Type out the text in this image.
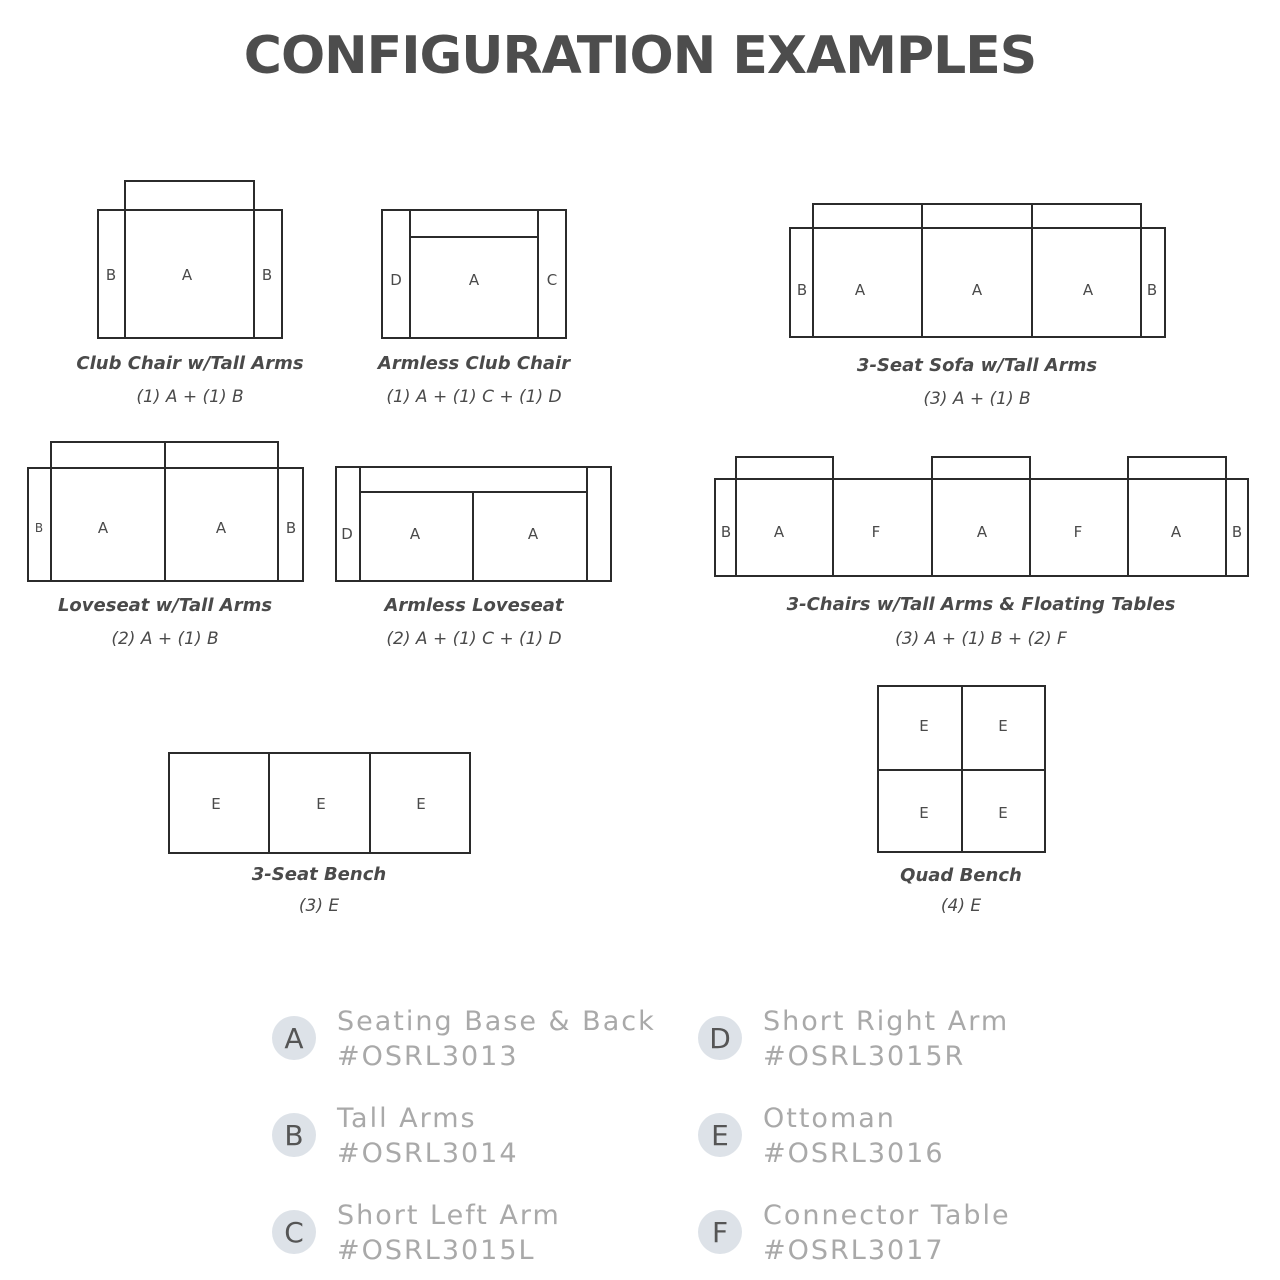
CONFIGURATION EXAMPLES
B	A	B
Club Chair w/Tall Arms
(1) A + (1) B
D	A	C
Armless Club Chair
(1) A + (1) C + (1) D
B	A	A	A	B
3-Seat Sofa w/Tall Arms
(3) A + (1) B
B	A	A	B
Loveseat w/Tall Arms
(2) A + (1) B
D	A	A
Armless Loveseat
(2) A + (1) C + (1) D
B	A	F	A	F	A	B
3-Chairs w/Tall Arms & Floating Tables
(3) A + (1) B + (2) F
E	E	E
3-Seat Bench
(3) E
E	E
E	E
Quad Bench
(4) E
A	Seating Base & Back
#OSRL3013
B	Tall Arms
#OSRL3014
C	Short Left Arm
#OSRL3015L
D	Short Right Arm
#OSRL3015R
E	Ottoman
#OSRL3016
F	Connector Table
#OSRL3017
